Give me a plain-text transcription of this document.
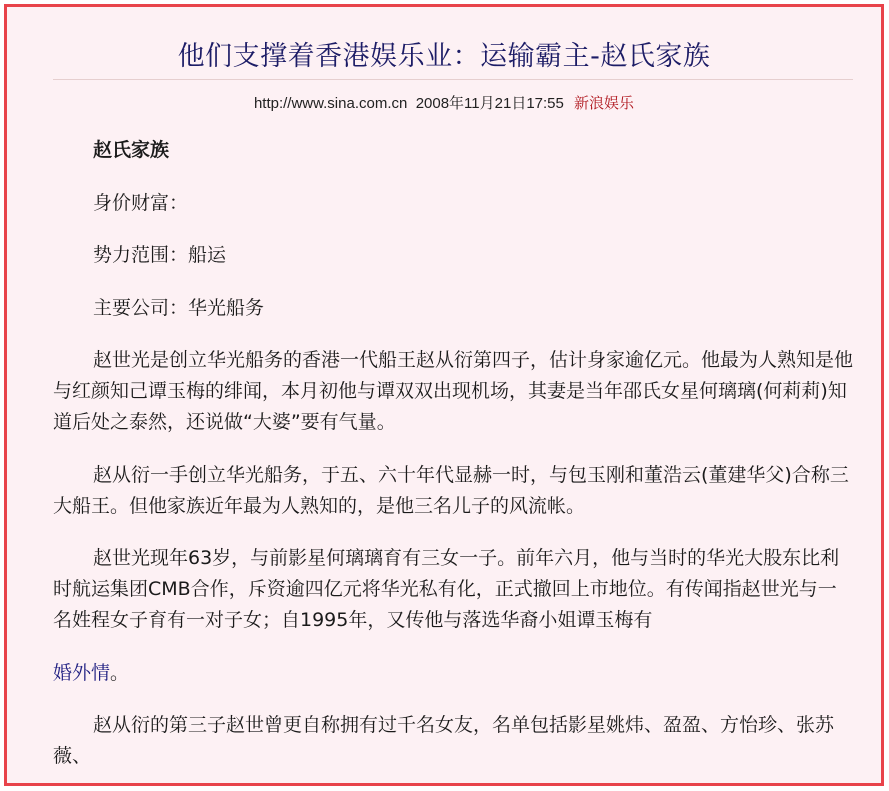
他们支撑着香港娱乐业：运输霸主-赵氏家族
http://www.sina.com.cn 2008年11月21日17:55 新浪娱乐

赵氏家族

身价财富：

势力范围：船运

主要公司：华光船务

赵世光是创立华光船务的香港一代船王赵从衍第四子，估计身家逾亿元。他最为人熟知是他与红颜知己谭玉梅的绯闻，本月初他与谭双双出现机场，其妻是当年邵氏女星何璃璃(何莉莉)知道后处之泰然，还说做“大婆”要有气量。

赵从衍一手创立华光船务，于五、六十年代显赫一时，与包玉刚和董浩云(董建华父)合称三大船王。但他家族近年最为人熟知的，是他三名儿子的风流帐。

赵世光现年63岁，与前影星何璃璃育有三女一子。前年六月，他与当时的华光大股东比利时航运集团CMB合作，斥资逾四亿元将华光私有化，正式撤回上市地位。有传闻指赵世光与一名姓程女子育有一对子女；自1995年，又传他与落选华裔小姐谭玉梅有

婚外情。

赵从衍的第三子赵世曾更自称拥有过千名女友，名单包括影星姚炜、盈盈、方怡珍、张苏薇、
